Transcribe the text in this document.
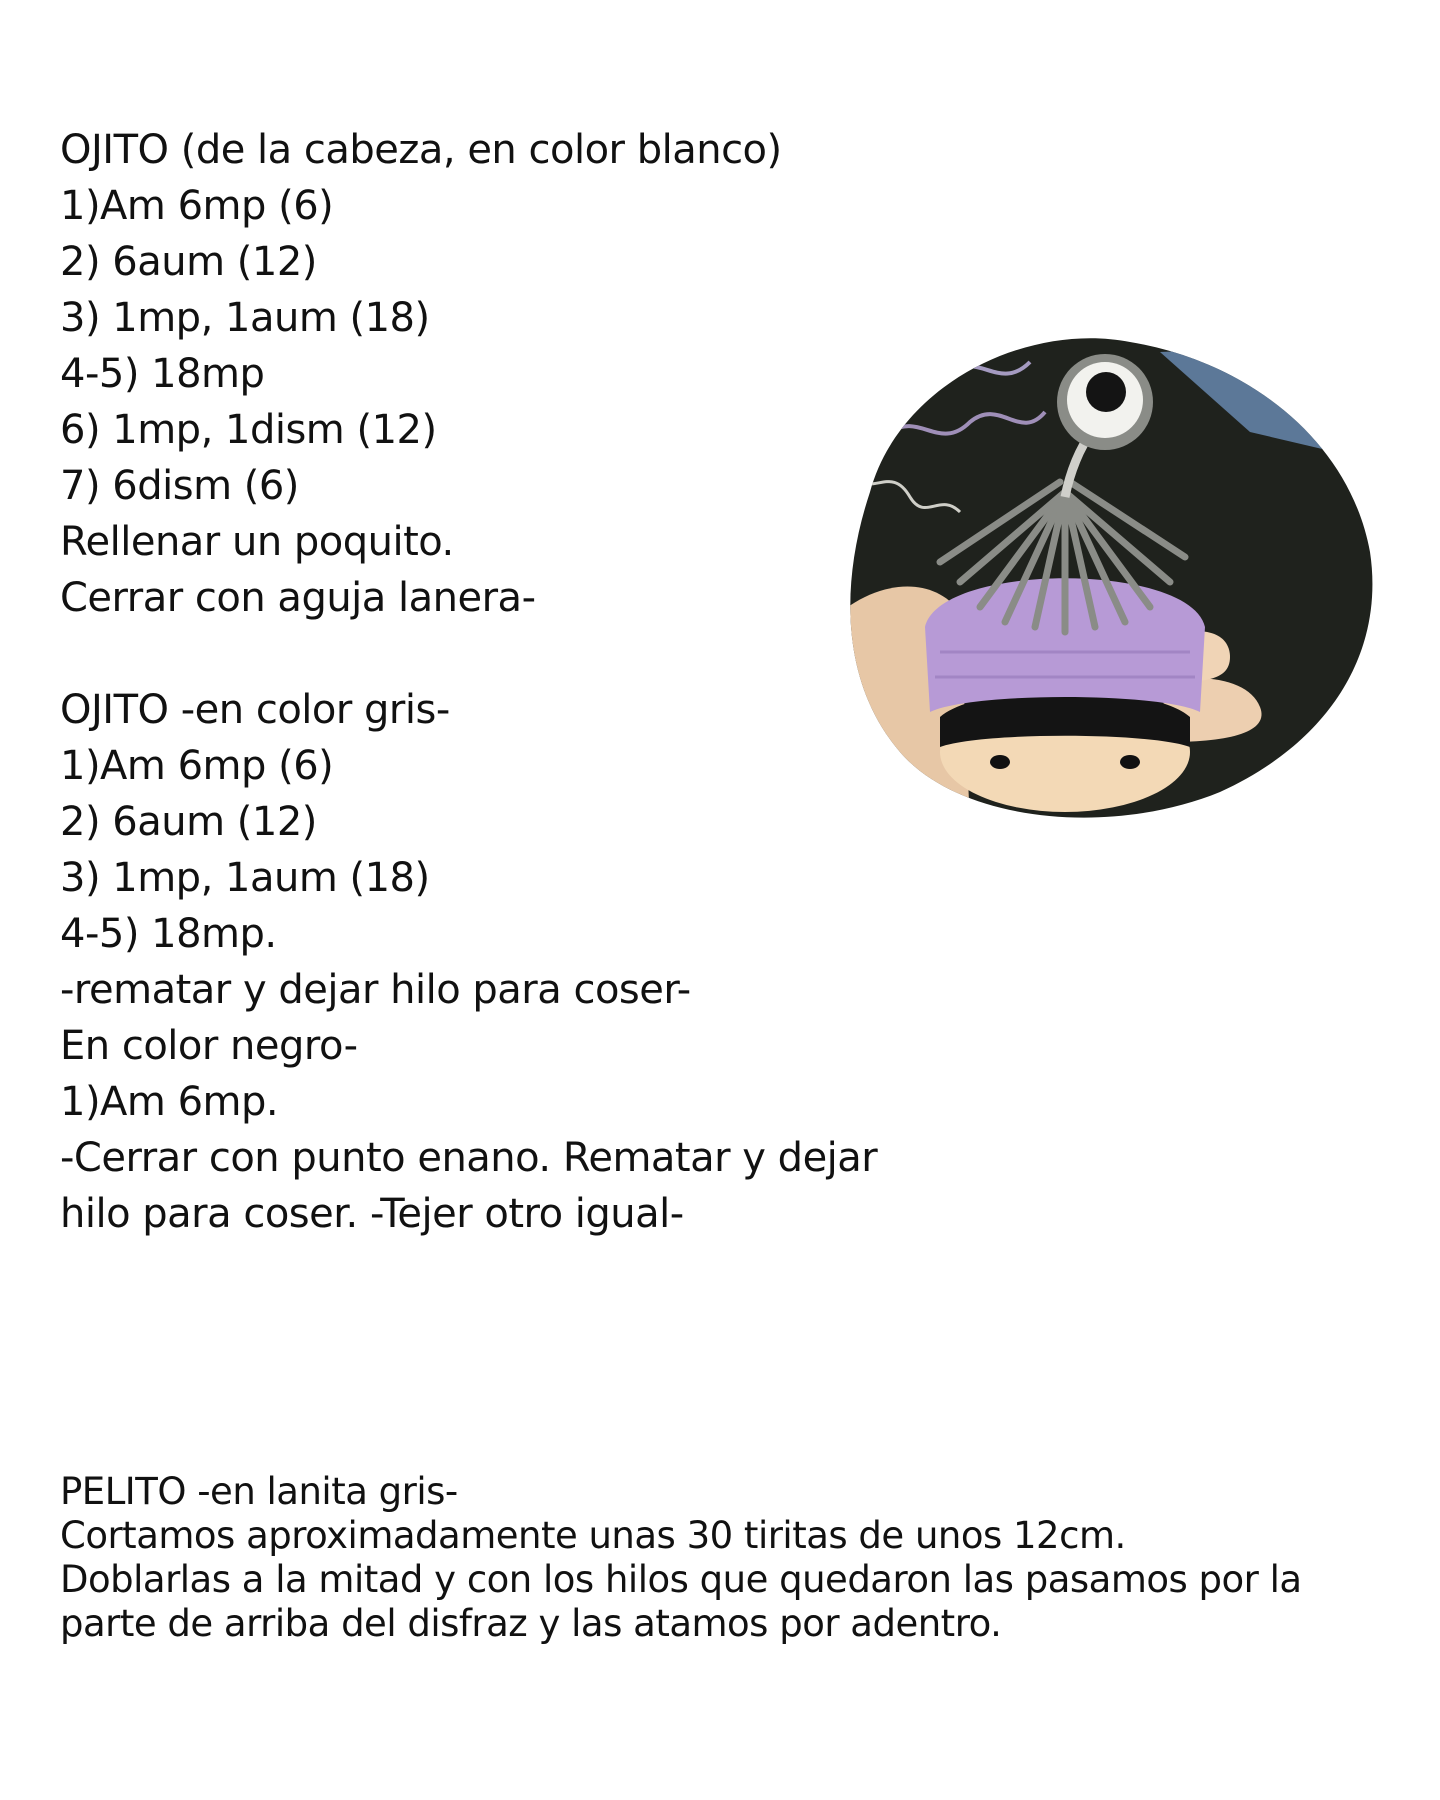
OJITO (de la cabeza, en color blanco)
1)Am 6mp (6)
2) 6aum (12)
3) 1mp, 1aum (18)
4-5) 18mp
6) 1mp, 1dism (12)
7) 6dism (6)
Rellenar un poquito.
Cerrar con aguja lanera-
OJITO -en color gris-
1)Am 6mp (6)
2) 6aum (12)
3) 1mp, 1aum (18)
4-5) 18mp.
-rematar y dejar hilo para coser-
En color negro-
1)Am 6mp.
-Cerrar con punto enano. Rematar y dejar
hilo para coser. -Tejer otro igual-
PELITO -en lanita gris-
Cortamos aproximadamente unas 30 tiritas de unos 12cm.
Doblarlas a la mitad y con los hilos que quedaron las pasamos por la
parte de arriba del disfraz y las atamos por adentro.
